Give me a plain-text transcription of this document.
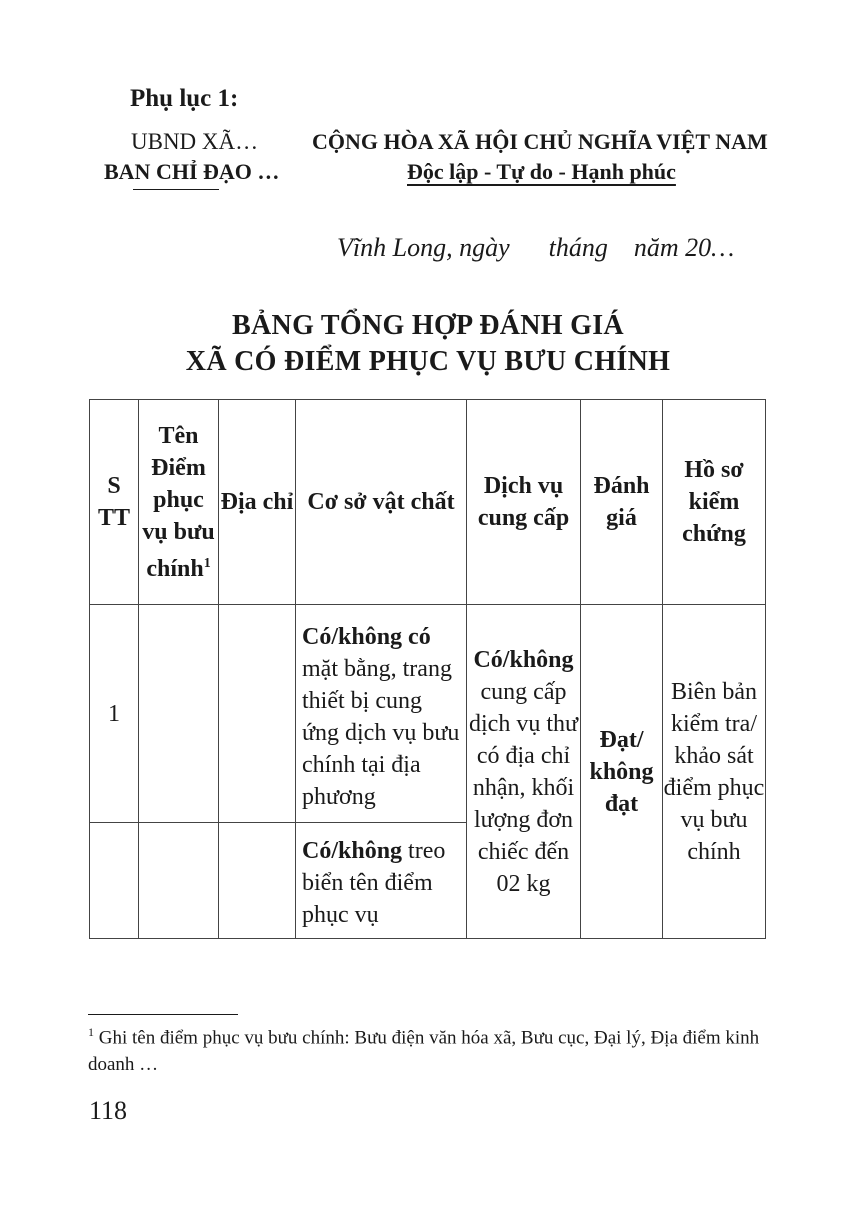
Phụ lục 1:
UBND XÃ…
BAN CHỈ ĐẠO …
CỘNG HÒA XÃ HỘI CHỦ NGHĨA VIỆT NAM
Độc lập - Tự do - Hạnh phúc
Vĩnh Long, ngày      tháng    năm 20…
BẢNG TỔNG HỢP ĐÁNH GIÁ
XÃ CÓ ĐIỂM PHỤC VỤ BƯU CHÍNH
S
TT	Tên Điểm phục vụ bưu chính$^1$	Địa chỉ	Cơ sở vật chất	Dịch vụ cung cấp	Đánh giá	Hồ sơ kiểm chứng
1			Có/không có mặt bằng, trang thiết bị cung ứng dịch vụ bưu chính tại địa phương	Có/không cung cấp dịch vụ thư có địa chỉ nhận, khối lượng đơn chiếc đến 02 kg	Đạt/ không đạt	Biên bản kiểm tra/ khảo sát điểm phục vụ bưu chính
			Có/không treo biển tên điểm phục vụ			
$^1$ Ghi tên điểm phục vụ bưu chính: Bưu điện văn hóa xã, Bưu cục, Đại lý, Địa điểm kinh doanh …
118
